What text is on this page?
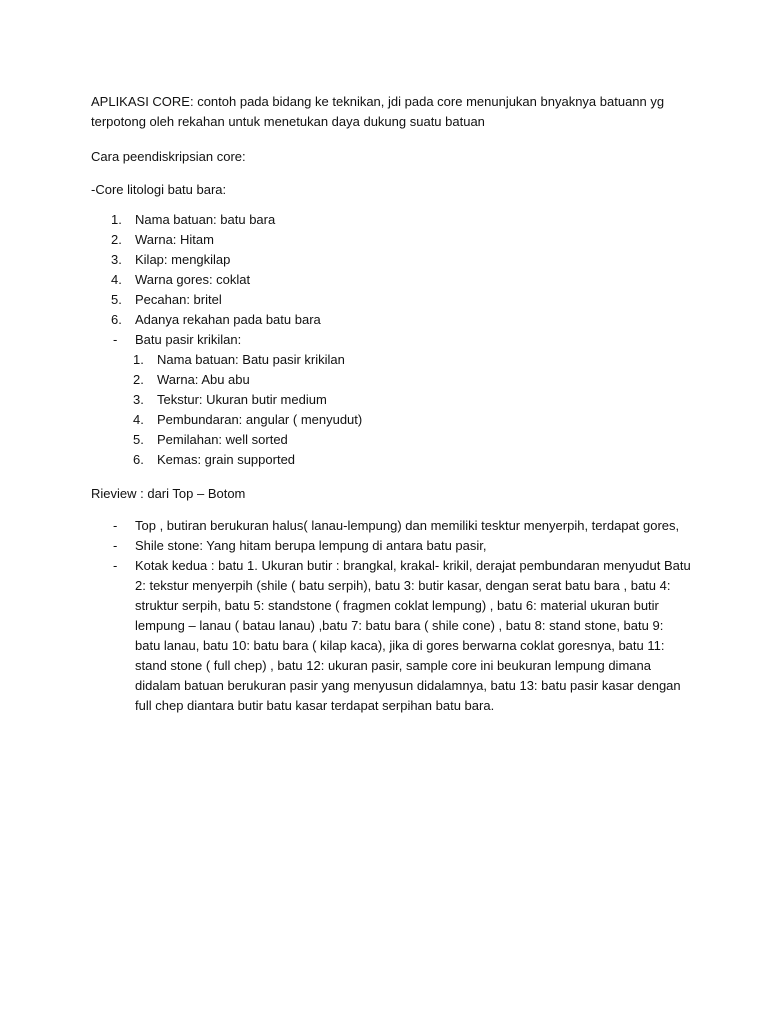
APLIKASI CORE: contoh pada bidang ke teknikan, jdi pada core menunjukan bnyaknya batuann yg terpotong oleh rekahan untuk menetukan daya dukung suatu batuan

Cara peendiskripsian core:

-Core litologi batu bara:

1. Nama batuan: batu bara
2. Warna: Hitam
3. Kilap: mengkilap
4. Warna gores: coklat
5. Pecahan: britel
6. Adanya rekahan pada batu bara
- Batu pasir krikilan:
1. Nama batuan: Batu pasir krikilan
2. Warna: Abu abu
3. Tekstur: Ukuran butir medium
4. Pembundaran: angular ( menyudut)
5. Pemilahan: well sorted
6. Kemas: grain supported

Rieview : dari Top – Botom

- Top , butiran berukuran halus( lanau-lempung) dan memiliki tesktur menyerpih, terdapat gores,
- Shile stone: Yang hitam berupa lempung di antara batu pasir,
- Kotak kedua : batu 1. Ukuran butir : brangkal, krakal- krikil, derajat pembundaran menyudut Batu 2: tekstur menyerpih (shile ( batu serpih), batu 3: butir kasar, dengan serat batu bara , batu 4: struktur serpih, batu 5: standstone ( fragmen coklat lempung) , batu 6: material ukuran butir lempung – lanau ( batau lanau) ,batu 7: batu bara ( shile cone) , batu 8: stand stone, batu 9: batu lanau, batu 10: batu bara ( kilap kaca), jika di gores berwarna coklat goresnya, batu 11: stand stone ( full chep) , batu 12: ukuran pasir, sample core ini beukuran lempung dimana didalam batuan berukuran pasir yang menyusun didalamnya, batu 13: batu pasir kasar dengan full chep diantara butir batu kasar terdapat serpihan batu bara.
